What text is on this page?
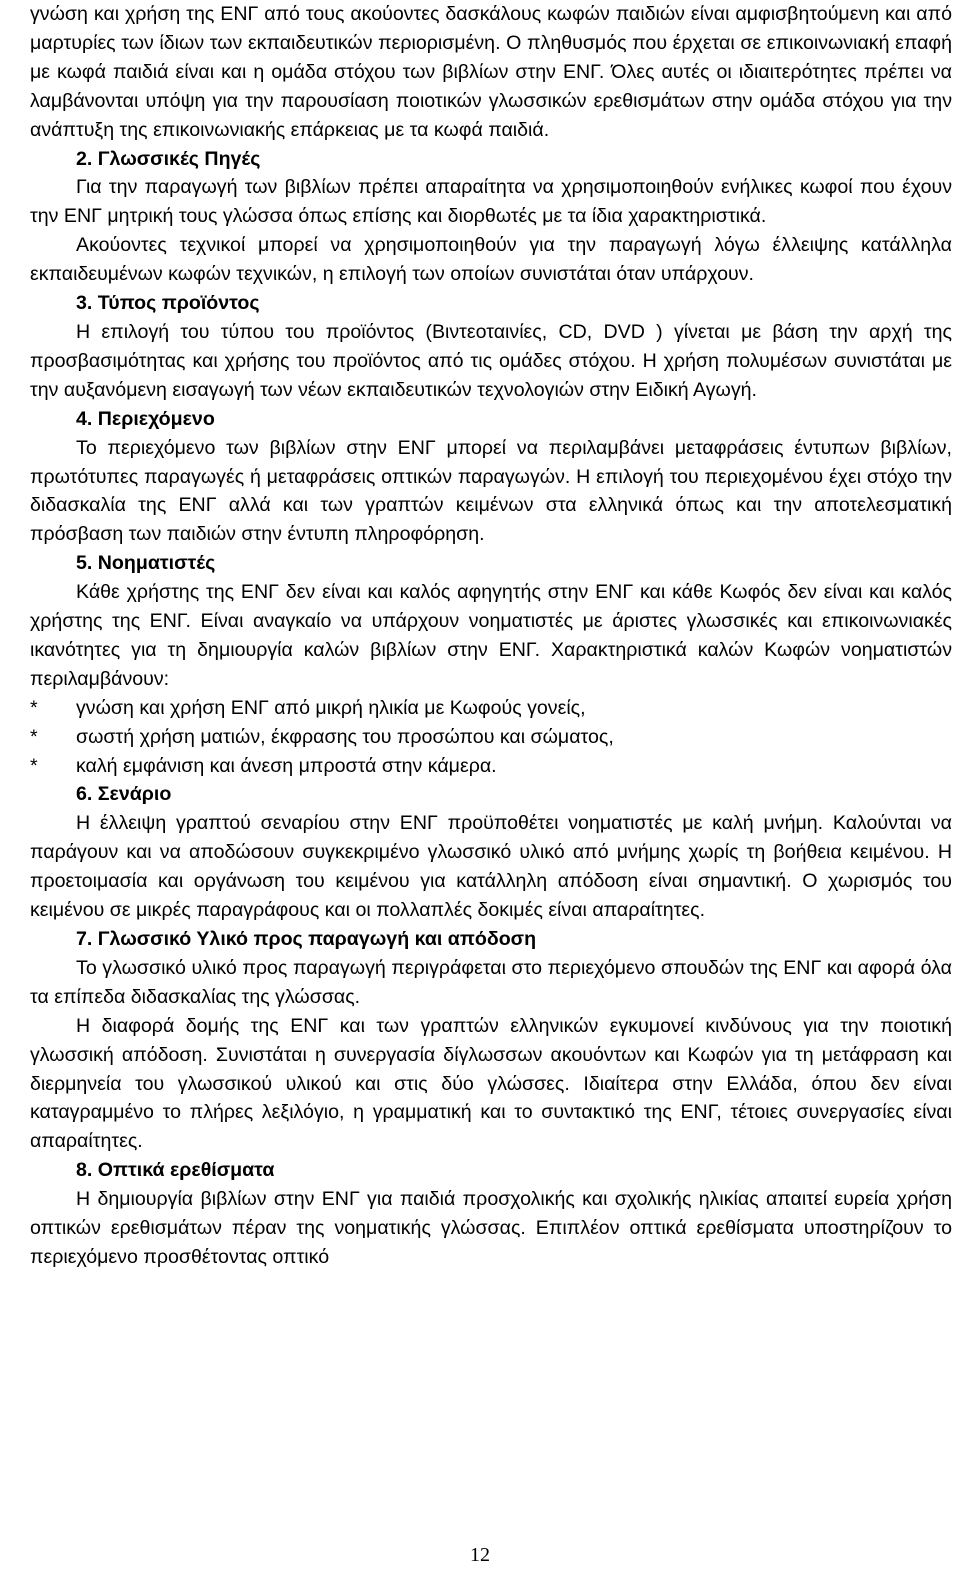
γνώση και χρήση της ΕΝΓ από τους ακούοντες δασκάλους κωφών παιδιών είναι αμφισβητούμενη και από μαρτυρίες των ίδιων των εκπαιδευτικών περιορισμένη. Ο πληθυσμός που έρχεται σε επικοινωνιακή επαφή με κωφά παιδιά είναι και η ομάδα στόχου των βιβλίων στην ΕΝΓ. Όλες αυτές οι ιδιαιτερότητες πρέπει να λαμβάνονται υπόψη για την παρουσίαση ποιοτικών γλωσσικών ερεθισμάτων στην ομάδα στόχου για την ανάπτυξη της επικοινωνιακής επάρκειας με τα κωφά παιδιά.

2. Γλωσσικές Πηγές

Για την παραγωγή των βιβλίων πρέπει απαραίτητα να χρησιμοποιηθούν ενήλικες κωφοί που έχουν την ΕΝΓ μητρική τους γλώσσα όπως επίσης και διορθωτές με τα ίδια χαρακτηριστικά.

Ακούοντες τεχνικοί μπορεί να χρησιμοποιηθούν για την παραγωγή λόγω έλλειψης κατάλληλα εκπαιδευμένων κωφών τεχνικών, η επιλογή των οποίων συνιστάται όταν υπάρχουν.

3. Τύπος προϊόντος

Η επιλογή του τύπου του προϊόντος (Βιντεοταινίες, CD, DVD ) γίνεται με βάση την αρχή της προσβασιμότητας και χρήσης του προϊόντος από τις ομάδες στόχου. Η χρήση πολυμέσων συνιστάται με την αυξανόμενη εισαγωγή των νέων εκπαιδευτικών τεχνολογιών στην Ειδική Αγωγή.

4. Περιεχόμενο

Το περιεχόμενο των βιβλίων στην ΕΝΓ μπορεί να περιλαμβάνει μεταφράσεις έντυπων βιβλίων, πρωτότυπες παραγωγές ή μεταφράσεις οπτικών παραγωγών. Η επιλογή του περιεχομένου έχει στόχο την διδασκαλία της ΕΝΓ αλλά και των γραπτών κειμένων στα ελληνικά όπως και την αποτελεσματική πρόσβαση των παιδιών στην έντυπη πληροφόρηση.

5. Νοηματιστές

Κάθε χρήστης της ΕΝΓ δεν είναι και καλός αφηγητής στην ΕΝΓ και κάθε Κωφός δεν είναι και καλός χρήστης της ΕΝΓ. Είναι αναγκαίο να υπάρχουν νοηματιστές με άριστες γλωσσικές και επικοινωνιακές ικανότητες για τη δημιουργία καλών βιβλίων στην ΕΝΓ. Χαρακτηριστικά καλών Κωφών νοηματιστών περιλαμβάνουν:

*	γνώση και χρήση ΕΝΓ από μικρή ηλικία με Κωφούς γονείς,
*	σωστή χρήση ματιών, έκφρασης του προσώπου και σώματος,
*	καλή εμφάνιση και άνεση μπροστά στην κάμερα.

6. Σενάριο

Η έλλειψη γραπτού σεναρίου στην ΕΝΓ προϋποθέτει νοηματιστές με καλή μνήμη. Καλούνται να παράγουν και να αποδώσουν συγκεκριμένο γλωσσικό υλικό από μνήμης χωρίς τη βοήθεια κειμένου. Η προετοιμασία και οργάνωση του κειμένου για κατάλληλη απόδοση είναι σημαντική. Ο χωρισμός του κειμένου σε μικρές παραγράφους και οι πολλαπλές δοκιμές είναι απαραίτητες.

7. Γλωσσικό Υλικό προς παραγωγή και απόδοση

Το γλωσσικό υλικό προς παραγωγή περιγράφεται στο περιεχόμενο σπουδών της ΕΝΓ και αφορά όλα τα επίπεδα διδασκαλίας της γλώσσας.

Η διαφορά δομής της ΕΝΓ και των γραπτών ελληνικών εγκυμονεί κινδύνους για την ποιοτική γλωσσική απόδοση. Συνιστάται η συνεργασία δίγλωσσων ακουόντων και Κωφών για τη μετάφραση και διερμηνεία του γλωσσικού υλικού και στις δύο γλώσσες. Ιδιαίτερα στην Ελλάδα, όπου δεν είναι καταγραμμένο το πλήρες λεξιλόγιο, η γραμματική και το συντακτικό της ΕΝΓ, τέτοιες συνεργασίες είναι απαραίτητες.

8. Οπτικά ερεθίσματα

Η δημιουργία βιβλίων στην ΕΝΓ για παιδιά προσχολικής και σχολικής ηλικίας απαιτεί ευρεία χρήση οπτικών ερεθισμάτων πέραν της νοηματικής γλώσσας. Επιπλέον οπτικά ερεθίσματα υποστηρίζουν το περιεχόμενο προσθέτοντας οπτικό

12
